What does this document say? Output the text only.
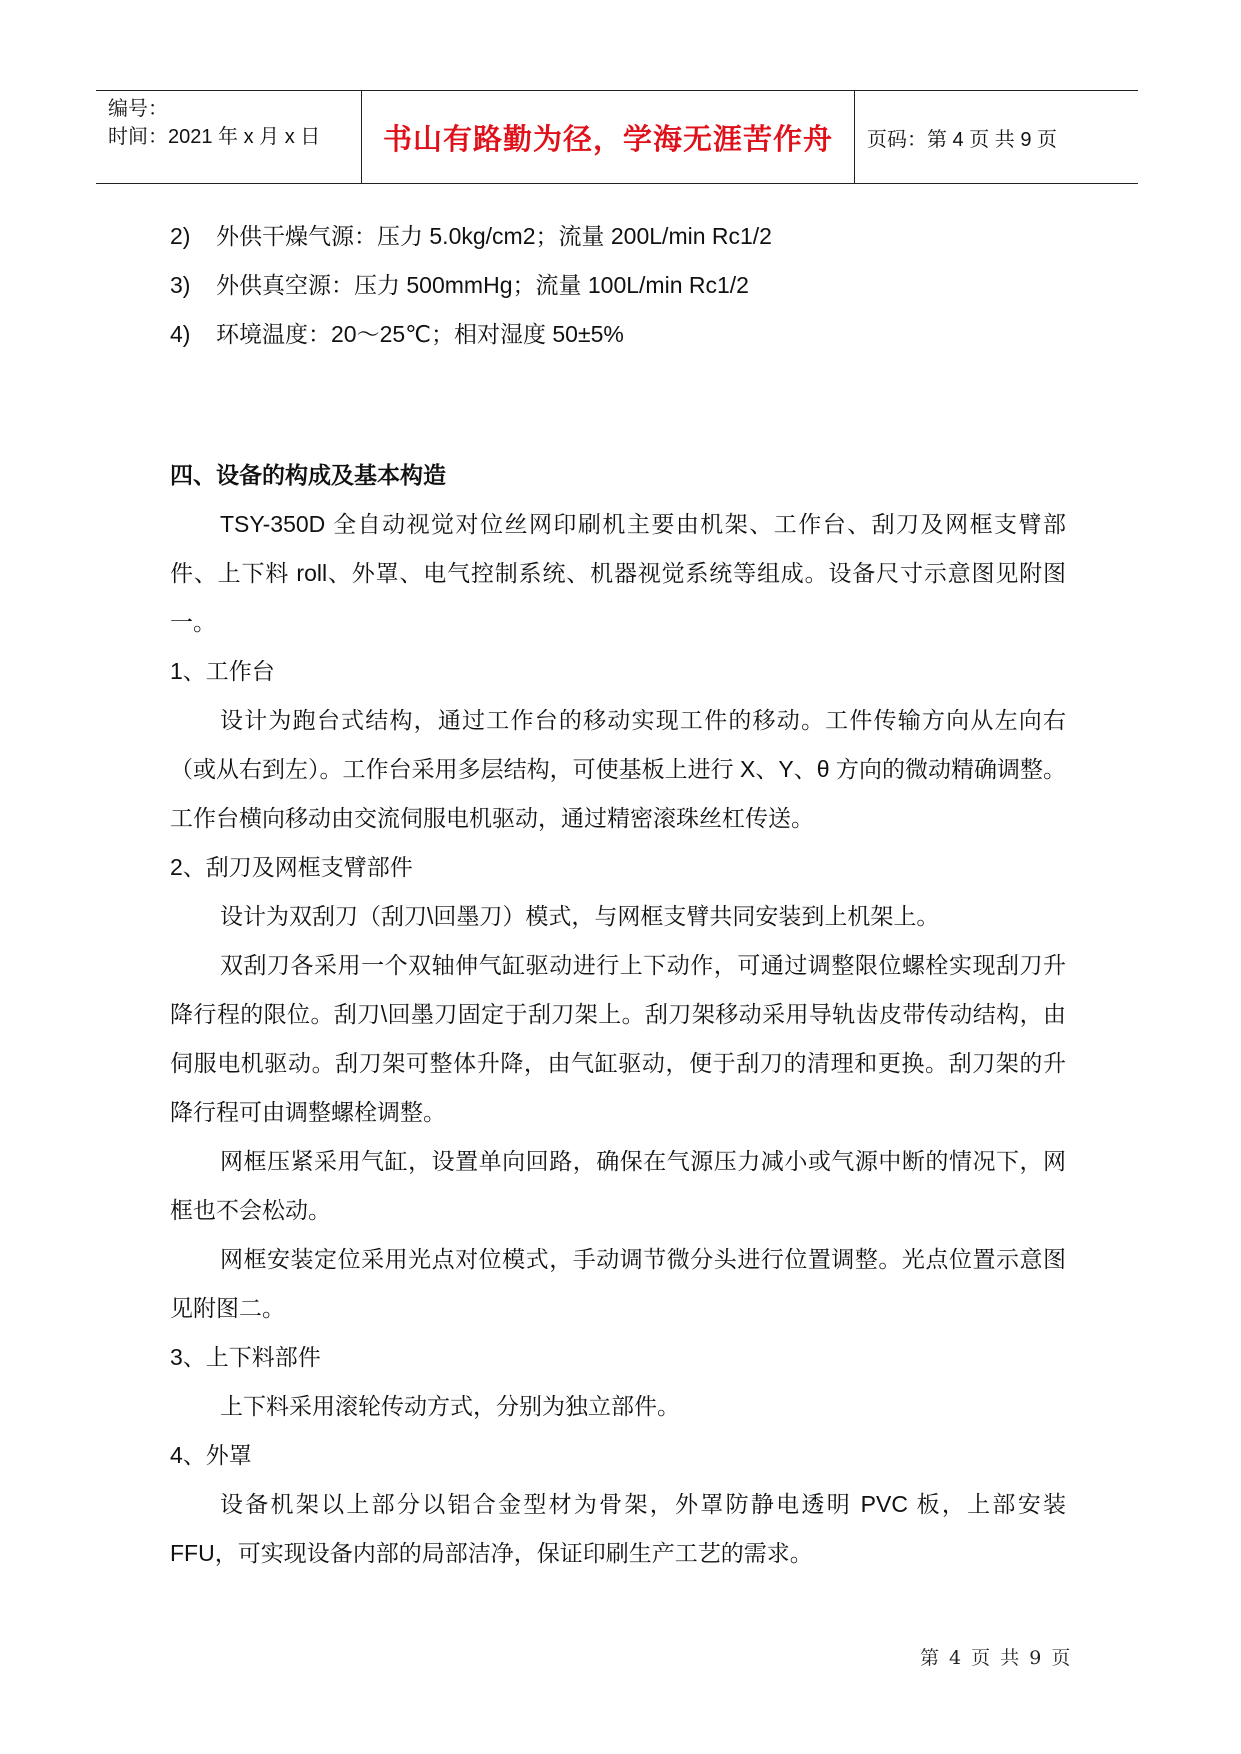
编号：
时间：2021 年 x 月 x 日	书山有路勤为径，学海无涯苦作舟 页码：第 4 页 共 9 页

2) 外供干燥气源：压力 5.0kg/cm2；流量 200L/min Rc1/2

3) 外供真空源：压力 500mmHg；流量 100L/min Rc1/2

4) 环境温度：20～25℃；相对湿度 50±5%

四、设备的构成及基本构造

TSY-350D 全自动视觉对位丝网印刷机主要由机架、工作台、刮刀及网框支臂部件、上下料 roll、外罩、电气控制系统、机器视觉系统等组成。设备尺寸示意图见附图一。

1、工作台

设计为跑台式结构，通过工作台的移动实现工件的移动。工件传输方向从左向右（或从右到左）。工作台采用多层结构，可使基板上进行 X、Y、θ 方向的微动精确调整。工作台横向移动由交流伺服电机驱动，通过精密滚珠丝杠传送。

2、刮刀及网框支臂部件

设计为双刮刀（刮刀\回墨刀）模式，与网框支臂共同安装到上机架上。

双刮刀各采用一个双轴伸气缸驱动进行上下动作，可通过调整限位螺栓实现刮刀升降行程的限位。刮刀\回墨刀固定于刮刀架上。刮刀架移动采用导轨齿皮带传动结构，由伺服电机驱动。刮刀架可整体升降，由气缸驱动，便于刮刀的清理和更换。刮刀架的升降行程可由调整螺栓调整。

网框压紧采用气缸，设置单向回路，确保在气源压力减小或气源中断的情况下，网框也不会松动。

网框安装定位采用光点对位模式，手动调节微分头进行位置调整。光点位置示意图见附图二。

3、上下料部件

上下料采用滚轮传动方式，分别为独立部件。

4、外罩

设备机架以上部分以铝合金型材为骨架，外罩防静电透明 PVC 板，上部安装 FFU，可实现设备内部的局部洁净，保证印刷生产工艺的需求。

第 4 页 共 9 页
